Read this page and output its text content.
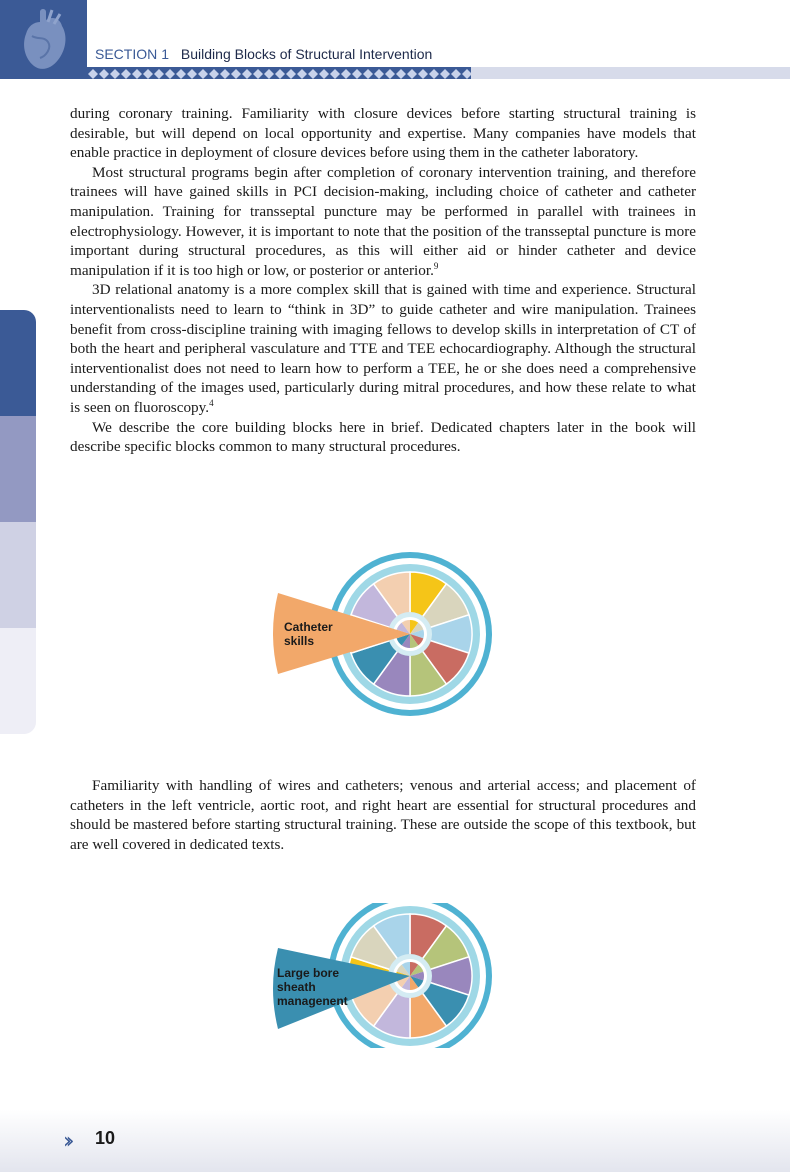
SECTION 1 Building Blocks of Structural Intervention

during coronary training. Familiarity with closure devices before starting structural training is desirable, but will depend on local opportunity and expertise. Many companies have models that enable practice in deployment of closure devices before using them in the catheter laboratory.

Most structural programs begin after completion of coronary intervention training, and therefore trainees will have gained skills in PCI decision-making, including choice of catheter and catheter manipulation. Training for transseptal puncture may be performed in parallel with trainees in electrophysiology. However, it is important to note that the position of the transseptal puncture is more important during structural procedures, as this will either aid or hinder catheter and device manipulation if it is too high or low, or posterior or anterior.$^9$

3D relational anatomy is a more complex skill that is gained with time and experience. Structural interventionalists need to learn to “think in 3D” to guide catheter and wire manipulation. Trainees benefit from cross-discipline training with imaging fellows to develop skills in interpretation of CT of both the heart and peripheral vasculature and TTE and TEE echocardiography. Although the structural interventionalist does not need to learn how to perform a TEE, he or she does need a comprehensive understanding of the images used, particularly during mitral procedures, and how these relate to what is seen on fluoroscopy.$^4$

We describe the core building blocks here in brief. Dedicated chapters later in the book will describe specific blocks common to many structural procedures.

Catheter
skills

Familiarity with handling of wires and catheters; venous and arterial access; and placement of catheters in the left ventricle, aortic root, and right heart are essential for structural procedures and should be mastered before starting structural training. These are outside the scope of this textbook, but are well covered in dedicated texts.

Large bore
sheath
managenent
›› 10
